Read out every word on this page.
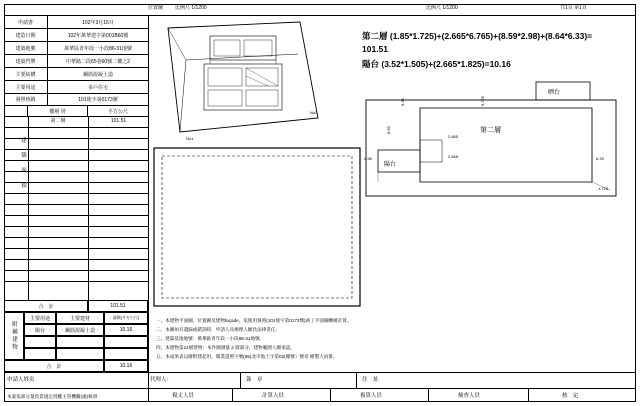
位置圖 比例尺 1/1200	比例尺 1/1200	共1頁 第1頁
申請書	102年3月16日
建造日期	102年萬華建字第001B60號
建築地號	萬華區青年段一小段86-31地號
建築門牌	中華路二段65巷60號二樓之2
主要結構	鋼筋混凝土造
主要用途	多戶住宅
發照核銷	101使字第0173號
樓層 別	平方公尺
第二層	101.51
建　築　面　積
合　計	101.51
附屬建物
主要用途	主要建材	面積(平方公尺)
陽台	鋼筋混凝土造	10.16
合　計	10.16
申請人姓名	代理人：	簽　章	住　址
本案依部分量負責規定授權主管機關(處)核發	複丈人員	計算人員	複算人員	檢查人員	核　定
No2
No1
第二層 (1.85*1.725)+(2.665*6.765)+(8.59*2.98)+(8.64*6.33)=
101.51
陽台 (3.52*1.505)+(2.665*1.825)=10.16
第二層
晒台
陽台
2.665
2.665
2.98	6.33
1.725
6.33
8.59
6.765
一、本建物平面圖、位置圖及建物façade，依使用執照(101使字第0173號)竣工平面圖轉繪計算。
二、本圖如有遺漏或錯誤時，申請人及辦理人願負法律責任。
三、建築基地地號：萬華區青年段一小段86-31地號。
四、本建物第14層建物：本件圖測量 2 層部分、建物範圍人願承認。
五、本成果表以繪附建起用，開業證照字號(95)北市地土字第02(總號）號章 繪製人員簽。
